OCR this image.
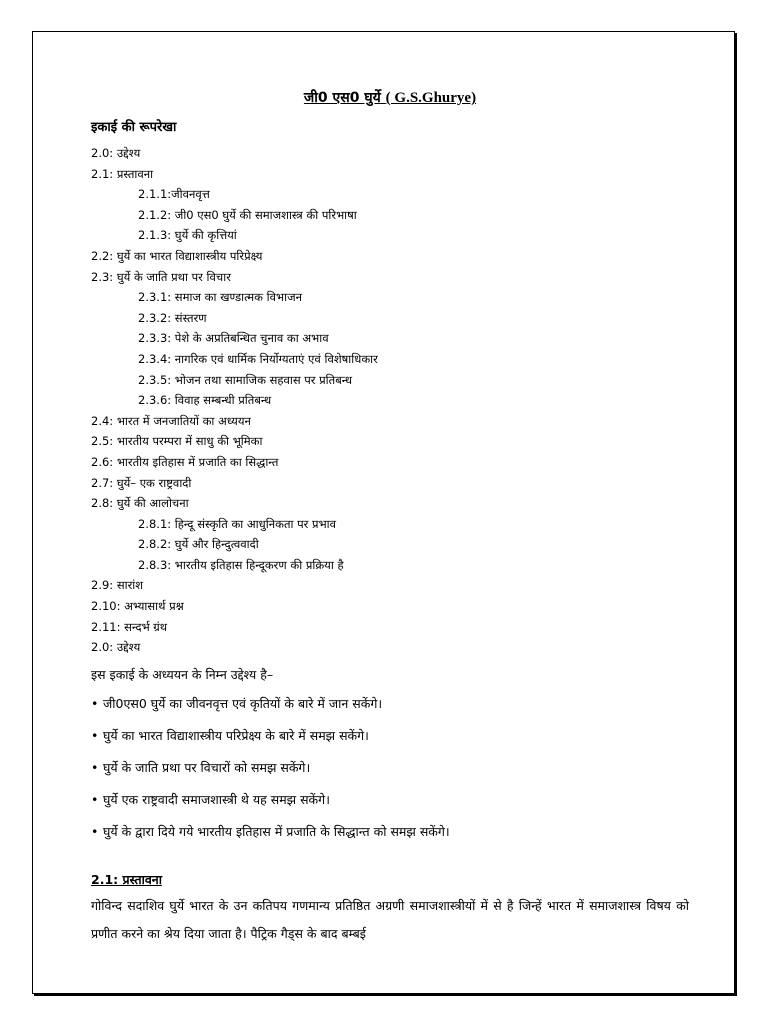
जी0 एस0 घुर्ये ( G.S.Ghurye)
इकाई की रूपरेखा
2.0: उद्देश्य
2.1: प्रस्तावना
2.1.1:जीवनवृत्त
2.1.2: जी0 एस0 घुर्ये की समाजशास्त्र की परिभाषा
2.1.3: घुर्ये की कृत्तियां
2.2: घुर्ये का भारत विद्याशास्त्रीय परिप्रेक्ष्य
2.3: घुर्ये के जाति प्रथा पर विचार
2.3.1: समाज का खण्डात्मक विभाजन
2.3.2: संस्तरण
2.3.3: पेशे के अप्रतिबन्धित चुनाव का अभाव
2.3.4: नागरिक एवं धार्मिक निर्योग्यताएं एवं विशेषाधिकार
2.3.5: भोजन तथा सामाजिक सहवास पर प्रतिबन्ध
2.3.6: विवाह सम्बन्धी प्रतिबन्ध
2.4: भारत में जनजातियों का अध्ययन
2.5: भारतीय परम्परा में साधु की भूमिका
2.6: भारतीय इतिहास में प्रजाति का सिद्धान्त
2.7: घुर्ये– एक राष्ट्रवादी
2.8: घुर्ये की आलोचना
2.8.1: हिन्दू संस्कृति का आधुनिकता पर प्रभाव
2.8.2: घुर्ये और हिन्दुत्ववादी
2.8.3: भारतीय इतिहास हिन्दूकरण की प्रक्रिया है
2.9: सारांश
2.10: अभ्यासार्थ प्रश्न
2.11: सन्दर्भ ग्रंथ
2.0: उद्देश्य
इस इकाई के अध्ययन के निम्न उद्देश्य है–
• जी0एस0 घुर्ये का जीवनवृत्त एवं कृतियों के बारे में जान सकेंगे।
• घुर्ये का भारत विद्याशास्त्रीय परिप्रेक्ष्य के बारे में समझ सकेंगे।
• घुर्ये के जाति प्रथा पर विचारों को समझ सकेंगे।
• घुर्ये एक राष्ट्रवादी समाजशास्त्री थे यह समझ सकेंगे।
• घुर्ये के द्वारा दिये गये भारतीय इतिहास में प्रजाति के सिद्धान्त को समझ सकेंगे।
2.1: प्रस्तावना

गोविन्द सदाशिव घुर्ये भारत के उन कतिपय गणमान्य प्रतिष्ठित अग्रणी समाजशास्त्रीयों में से है जिन्हें भारत में समाजशास्त्र विषय को प्रणीत करने का श्रेय दिया जाता है। पैट्रिक गैड्स के बाद बम्बई
